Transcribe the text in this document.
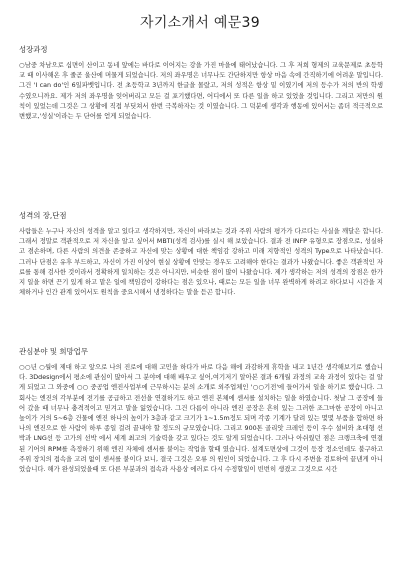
자기소개서 예문39
성장과정

○남중 차남으로 십면이 산이고 동네 앞에는 바다로 이어지는 강을 가진 마을에 태어났습니다. 그 후 저희 형제의 교육문제로 초등학교 때 이사해온 후 줄곧 울산에 머물게 되었습니다. 저의 좌우명은 너무나도 간단하지만 항상 마음 속에 간직하기에 어려운 말입니다. 그건 'I can do'인 6일파벳입니다. 전 초등학교 3년까지 한글을 몰랐고, 저의 성적은 항상 밑 이였기에 저의 등수가 저의 반의 학생 수였으니까요. 제가 저의 좌우명을 잊어버리고 모든 걸 포기했다면, 어디에서 또 다른 일을 하고 있었을 것입니다. 그리고 저만의 원칙이 있었는데 그것은 그 상황에 직접 부딪쳐서 한번 극복하자는 것 이였습니다. 그 덕분에 생각과 행동에 있어서는 좀더 적극적으로 변했고,'성실'이라는 두 단어를 얻게 되었습니다.

성격의 장,단점

사람들은 누구나 자신의 성격을 알고 있다고 생각하지만, 자신이 바라보는 것과 주위 사람의 평가가 다르다는 사실을 깨달은 합니다. 그래서 정말로 객관적으로 저 자신을 알고 싶어서 MBTI(성격 검사)를 실시 해 보았습니다. 결과 전 INFP 유형으로 장점으로, 성실하고 겸손하며, 다른 사람의 의견을 존중하고 자신에 맞는 상황에 대한 책임감 강하고 미래 지향적인 성격의 Type으로 나타났습니다. 그러나 단점은 유후 부드하고, 자신이 가진 이상이 현실 상황에 안맞는 경우도 고려해야 한다는 결과가 나왔습니다. 좋은 객관적인 자료를 통해 검사한 것이라서 정확하게 일치하는 것은 아니지만, 비슷한 점이 많이 나왔습니다. 제가 생각하는 저의 성격의 장점은 한가지 일을 하면 끈기 있게 하고 맡은 일에 책임감이 강하다는 점은 있으나, 때로는 모든 일을 너무 완벽하게 하려고 하다보니 시간을 지체하거나 인간 관계 있어서도 원칙을 중요시해서 냉정하다는 말을 듣곤 합니다.

관심분야 및 희망업무

○○년 ○월에 제대 하고 앞으로 나의 진로에 대해 고민을 하다가 바로 다음 해에 과감하게 휴학을 내고 1년간 생각해보기로 했습니다. 3Ddesign에서 평소에 관심이 많아서 그 분야에 대해 배우고 싶어,여기저기 알아본 결과 6개월 과정의 교육 과정이 있다는 걸 알게 되었고 그 와중에 ○○ 중공업 엔진사업부에 근무하시는 분의 소개로 외주업체인 '○○기전'에 들어가서 일을 하기로 했습니다. 그 회사는 엔진의 각부분에 전기를 공급하고 전선을 연결하기도 하고 엔진 본체에 센서를 설치하는 일을 하였습니다. 첫날 그 공장에 들어 갔을 때 너무나 충격적이고 믿겨고 말을 잃었습니다. 그건 다름이 아니라 엔진 공장은 흔히 있는 그러한 조그마한 공장이 아니고 높이가 거의 5~6층 건물에 엔진 하나의 높이가 3층과 같고 크기가 1~1.5m정도 되며 각종 기계가 달려 있는 몇몇 부품을 합하면 하나의 엔진으로 한 사람이 하루 종일 걸려 끝내야 할 정도의 규모였습니다. 그리고 900톤 골리앗 크레인 등이 우수 설비와 초대형 선박과 LNG선 등 고가의 선박 에서 세계 최고의 기술력을 갖고 있다는 것도 알게 되었습니다. 그러나 아쉬웠던 점은 크랭크축에 연결된 기어의 RPM를 측정하기 위해 엔진 자체에 센서를 붙이는 작업을 할때 였습니다. 설계도면상에 그것이 등장 정소인데도 불구하고 주위 장치의 접속을 고려 없이 센서를 붙이다 보니, 결국 그것은 오류 의 원인이 되었습니다. 그 후 다시 주변을 검토하여 끝낸게 아니었습니다. 해가 완성되었을때 또 다른 부분과의 접속과 사용상 에러로 다시 수정할일이 빈번히 생겼고 그것으로 시간
